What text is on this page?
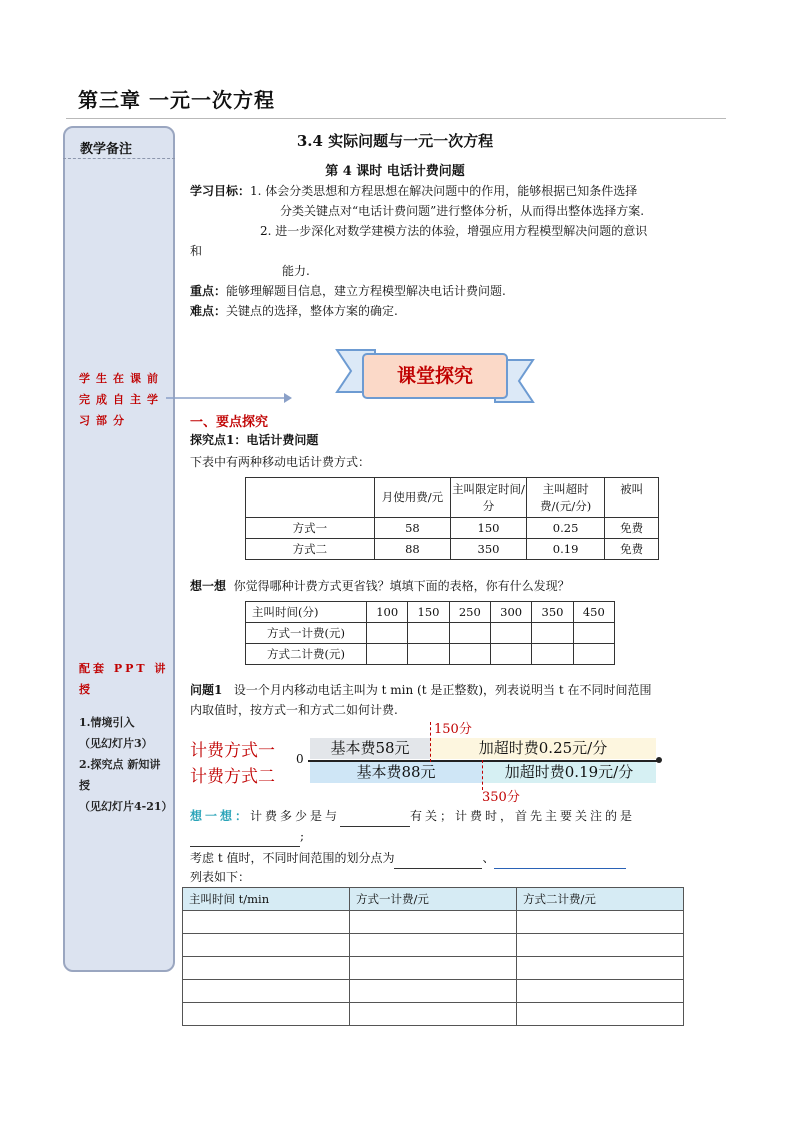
第三章 一元一次方程
教学备注
学生在课前完成自主学习部分
配套 PPT 讲授
1.情境引入
（见幻灯片3）
2.探究点 新知讲授
（见幻灯片4-21）
3.4 实际问题与一元一次方程
第 4 课时 电话计费问题
学习目标：1. 体会分类思想和方程思想在解决问题中的作用，能够根据已知条件选择
分类关键点对“电话计费问题”进行整体分析，从而得出整体选择方案.
2. 进一步深化对数学建模方法的体验，增强应用方程模型解决问题的意识
和
能力.
重点：能够理解题目信息，建立方程模型解决电话计费问题.
难点：关键点的选择，整体方案的确定.
课堂探究
一、要点探究
探究点1：电话计费问题
下表中有两种移动电话计费方式：
	月使用费/元	主叫限定时间/分	主叫超时费/(元/分)	被叫
方式一	58	150	0.25	免费
方式二	88	350	0.19	免费
想一想 你觉得哪种计费方式更省钱？填填下面的表格，你有什么发现？
主叫时间(分)	100	150	250	300	350	450
方式一计费(元)						
方式二计费(元)						
问题1 设一个月内移动电话主叫为 t min (t 是正整数)，列表说明当 t 在不同时间范围
内取值时，按方式一和方式二如何计费.
计费方式一
计费方式二
0
150分
350分
基本费58元	加超时费0.25元/分
基本费88元	加超时费0.19元/分
想一想：计费多少是与	有关；计费时，首先主要关注的是
;
考虑 t 值时，不同时间范围的划分点为	、
列表如下：
主叫时间 t/min	方式一计费/元	方式二计费/元
